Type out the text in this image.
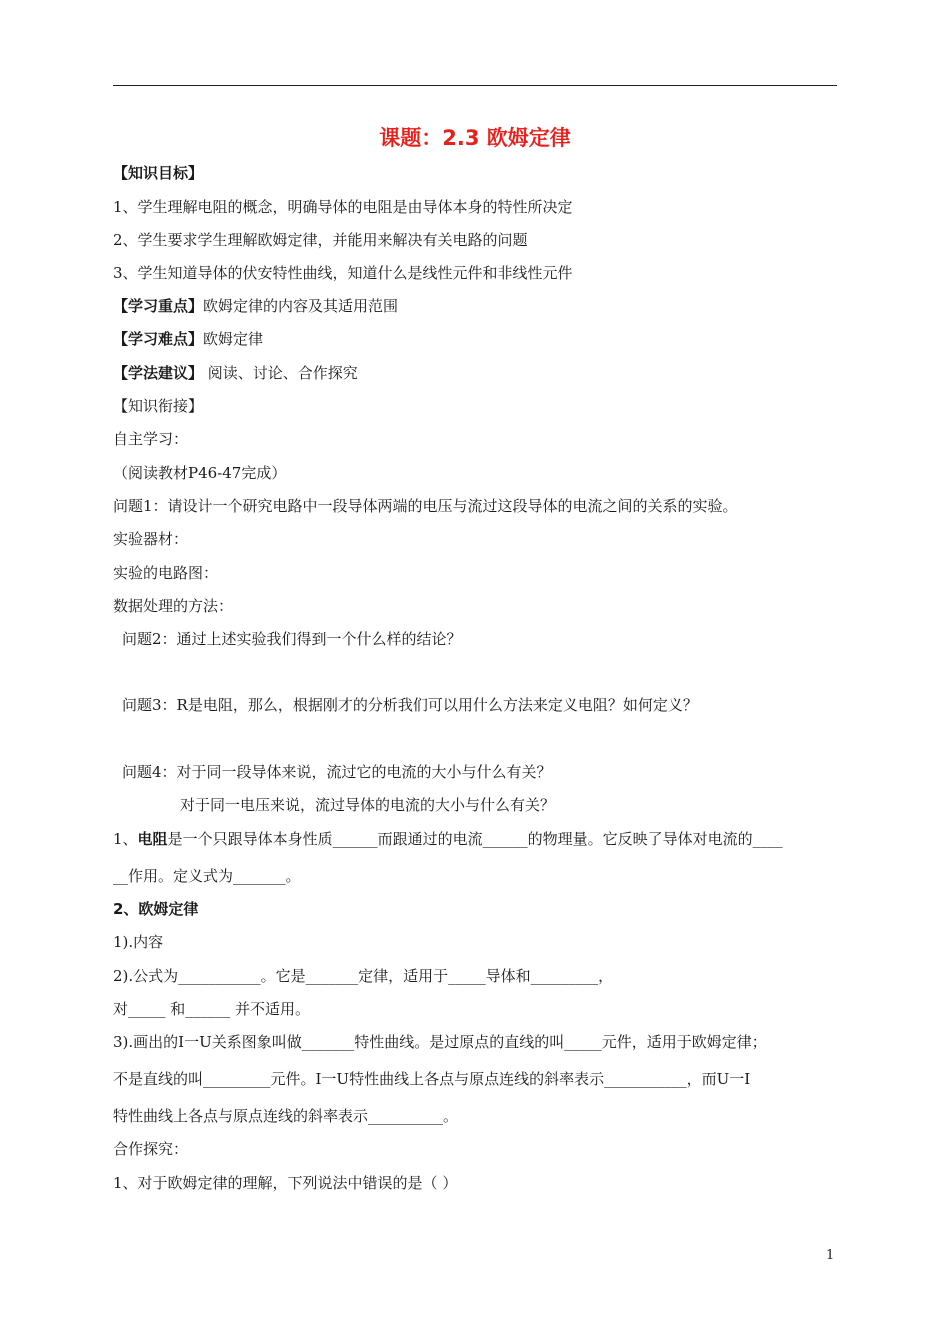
课题：2.3 欧姆定律
【知识目标】
1、学生理解电阻的概念，明确导体的电阻是由导体本身的特性所决定
2、学生要求学生理解欧姆定律，并能用来解决有关电路的问题
3、学生知道导体的伏安特性曲线，知道什么是线性元件和非线性元件
【学习重点】欧姆定律的内容及其适用范围
【学习难点】欧姆定律
【学法建议】 阅读、讨论、合作探究
【知识衔接】
自主学习：
（阅读教材P46-47完成）
问题1：请设计一个研究电路中一段导体两端的电压与流过这段导体的电流之间的关系的实验。
实验器材：
实验的电路图：
数据处理的方法：
问题2：通过上述实验我们得到一个什么样的结论？
问题3：R是电阻，那么，根据刚才的分析我们可以用什么方法来定义电阻？如何定义？
问题4：对于同一段导体来说，流过它的电流的大小与什么有关？
对于同一电压来说，流过导体的电流的大小与什么有关？
1、电阻是一个只跟导体本身性质______而跟通过的电流______的物理量。它反映了导体对电流的____
__作用。定义式为_______。
2、欧姆定律
1).内容
2).公式为___________。它是_______定律，适用于_____导体和_________，
对_____ 和______ 并不适用。
3).画出的I一U关系图象叫做_______特性曲线。是过原点的直线的叫_____元件，适用于欧姆定律；
不是直线的叫_________元件。I一U特性曲线上各点与原点连线的斜率表示___________，而U一I
特性曲线上各点与原点连线的斜率表示__________。
合作探究：
1、对于欧姆定律的理解，下列说法中错误的是（ ）
1
